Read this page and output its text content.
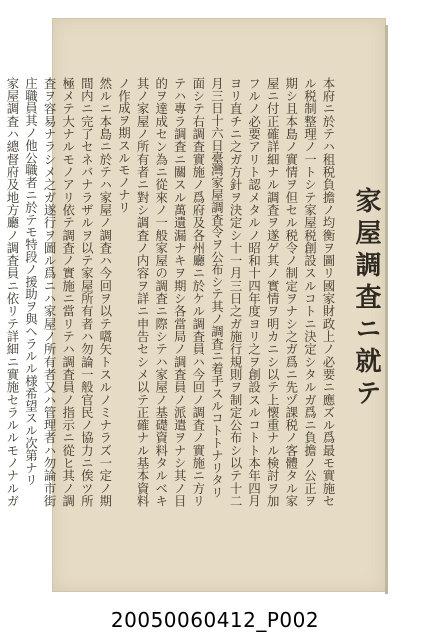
家屋調査ニ就テ

本府ニ於テハ租税負擔ノ均衡ヲ圖リ國家財政上ノ必要ニ應ズル爲最モ實施セル税制整理ノ一トシテ家屋税創設スルコトニ決定シタルガ爲ニ負擔ノ公正ヲ期シ且本島ノ實情ヲ但セル税令ノ制定ヲナシ之ガ爲ニ先ヅ課税ノ客體タル家屋ニ付正確詳細ナル調査ヲ遂ゲ其ノ實情ヲ明カニシ以テ上懐重ナル検討ヲ加フルノ必要アリト認メタルノ昭和十四年度ヨリ之ヲ創設スルコトト本年四月ヨリ直チニ之ガ方針ヲ決定シ十一月三日之ガ施行規則ヲ制定公布シ以テ十二月三日十六日臺灣家屋調査令ヲ公布シテ其ノ調査ニ着手スルコトトナリタリ

面シテ右調査實施ノ爲府及各州廳ニ於ケル調査員ハ今回ノ調査ノ實施ニ方リテハ專ラ調査ニ關スル萬遺漏ナキヲ期シ各當局ノ調査員ノ派遣ヲナシ其ノ目的ヲ達成セン為ニ從來ノ一般家屋の調査ニ際シテハ家屋ノ基礎資料タルベキ其ノ家屋ノ所有者ニ對シ調査ノ内容ヲ詳ニ申告セシメ以テ正確ナル基本資料ノ作成ヲ期スルモノナリ

然ルニ本島ニ於テハ家屋ノ調査ハ今回ヲ以テ嚆矢トスルノミナラズ一定ノ期間内ニ完了セネバナラザルヲ以テ家屋所有者ハ勿論一般官民ノ協力ニ俟ツ所極メテ大ナルモノアリ依テ調査ノ實施ニ當リテハ調査員ノ指示ニ從ヒ其ノ調査ヲ容易ナラシメ之ガ遂行ヲ圖ル爲ニハ家屋ノ所有者又ハ管理者ハ勿論市街庄職員其ノ他公職者ニ於テモ特段ノ援助ヲ與ヘラルル様希望スル次第ナリ

家屋調査ハ總督府及地方廳ノ調査員ニ依リテ詳細ニ實施セラルルモノナルガ

20050060412_P002
